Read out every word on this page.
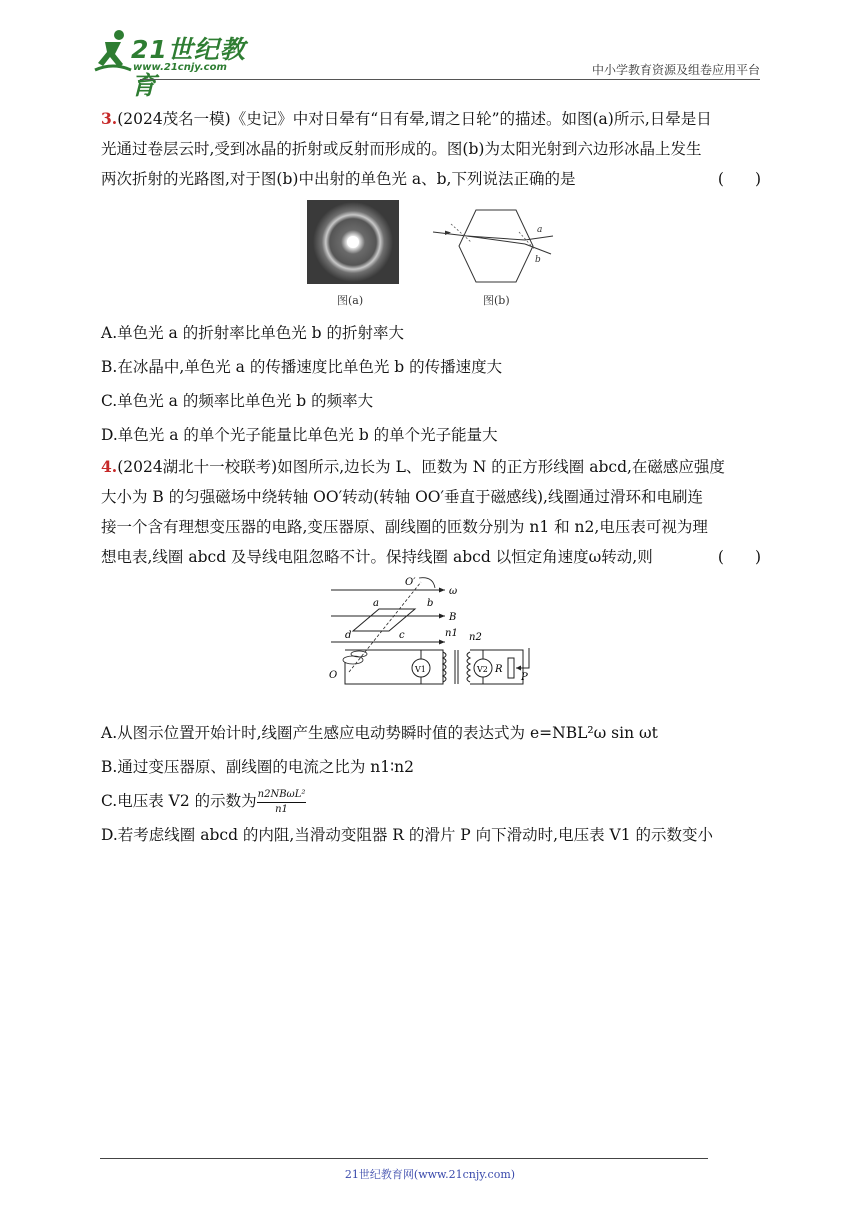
21世纪教育
www.21cnjy.com	中小学教育资源及组卷应用平台

3.(2024茂名一模)《史记》中对日晕有“日有晕,谓之日轮”的描述。如图(a)所示,日晕是日
光通过卷层云时,受到冰晶的折射或反射而形成的。图(b)为太阳光射到六边形冰晶上发生
两次折射的光路图,对于图(b)中出射的单色光 a、b,下列说法正确的是	(　　)

图(a)
a
b
图(b)

A.单色光 a 的折射率比单色光 b 的折射率大

B.在冰晶中,单色光 a 的传播速度比单色光 b 的传播速度大

C.单色光 a 的频率比单色光 b 的频率大

D.单色光 a 的单个光子能量比单色光 b 的单个光子能量大

4.(2024湖北十一校联考)如图所示,边长为 L、匝数为 N 的正方形线圈 abcd,在磁感应强度
大小为 B 的匀强磁场中绕转轴 OO′转动(转轴 OO′垂直于磁感线),线圈通过滑环和电刷连
接一个含有理想变压器的电路,变压器原、副线圈的匝数分别为 n1 和 n2,电压表可视为理
想电表,线圈 abcd 及导线电阻忽略不计。保持线圈 abcd 以恒定角速度ω转动,则	(　　)

O′
ω
a	b
B
c
d	n1 n2
O
V1	V2 R
P

A.从图示位置开始计时,线圈产生感应电动势瞬时值的表达式为 e=NBL²ω sin ωt

B.通过变压器原、副线圈的电流之比为 n1∶n2

C.电压表 V2 的示数为 $\frac{\text{n2NBωL²}}{n1}$

D.若考虑线圈 abcd 的内阻,当滑动变阻器 R 的滑片 P 向下滑动时,电压表 V1 的示数变小

21世纪教育网(www.21cnjy.com)
